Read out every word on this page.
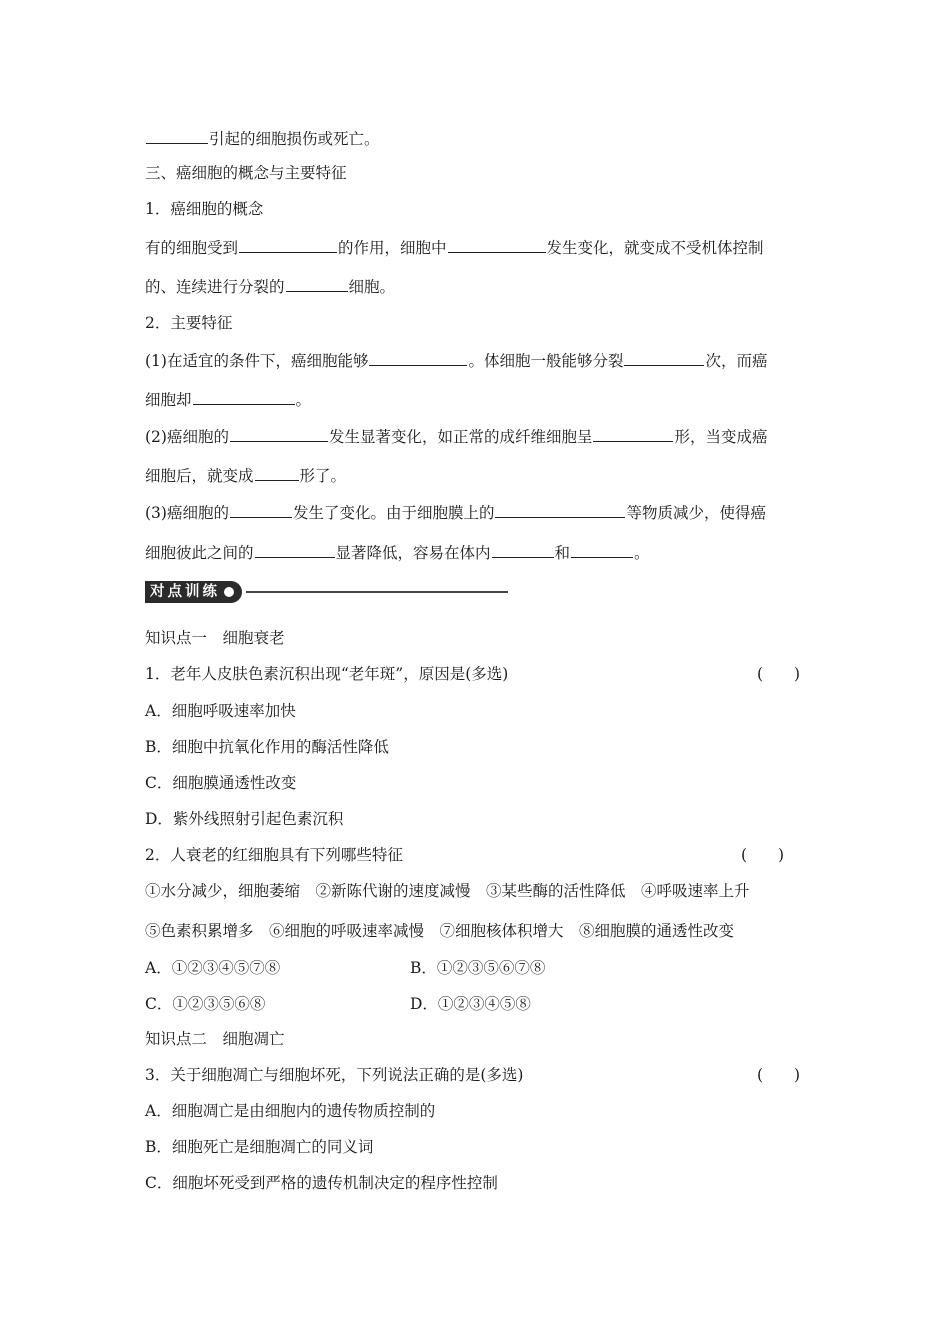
引起的细胞损伤或死亡。
三、癌细胞的概念与主要特征
1．癌细胞的概念
有的细胞受到	的作用，细胞中	发生变化，就变成不受机体控制
的、连续进行分裂的	细胞。
2．主要特征
(1)在适宜的条件下，癌细胞能够	。体细胞一般能够分裂	次，而癌
细胞却	。
(2)癌细胞的	发生显著变化，如正常的成纤维细胞呈	形，当变成癌
细胞后，就变成	形了。
(3)癌细胞的	发生了变化。由于细胞膜上的	等物质减少，使得癌
细胞彼此之间的	显著降低，容易在体内	和	。
对点训练
知识点一　细胞衰老
1．老年人皮肤色素沉积出现“老年斑”，原因是(多选)	(　　)
A．细胞呼吸速率加快
B．细胞中抗氧化作用的酶活性降低
C．细胞膜通透性改变
D．紫外线照射引起色素沉积
2．人衰老的红细胞具有下列哪些特征	(　　)
①水分减少，细胞萎缩　②新陈代谢的速度减慢　③某些酶的活性降低　④呼吸速率上升
⑤色素积累增多　⑥细胞的呼吸速率减慢　⑦细胞核体积增大　⑧细胞膜的通透性改变
A．①②③④⑤⑦⑧	B．①②③⑤⑥⑦⑧
C．①②③⑤⑥⑧	D．①②③④⑤⑧
知识点二　细胞凋亡
3．关于细胞凋亡与细胞坏死，下列说法正确的是(多选)	(　　)
A．细胞凋亡是由细胞内的遗传物质控制的
B．细胞死亡是细胞凋亡的同义词
C．细胞坏死受到严格的遗传机制决定的程序性控制
